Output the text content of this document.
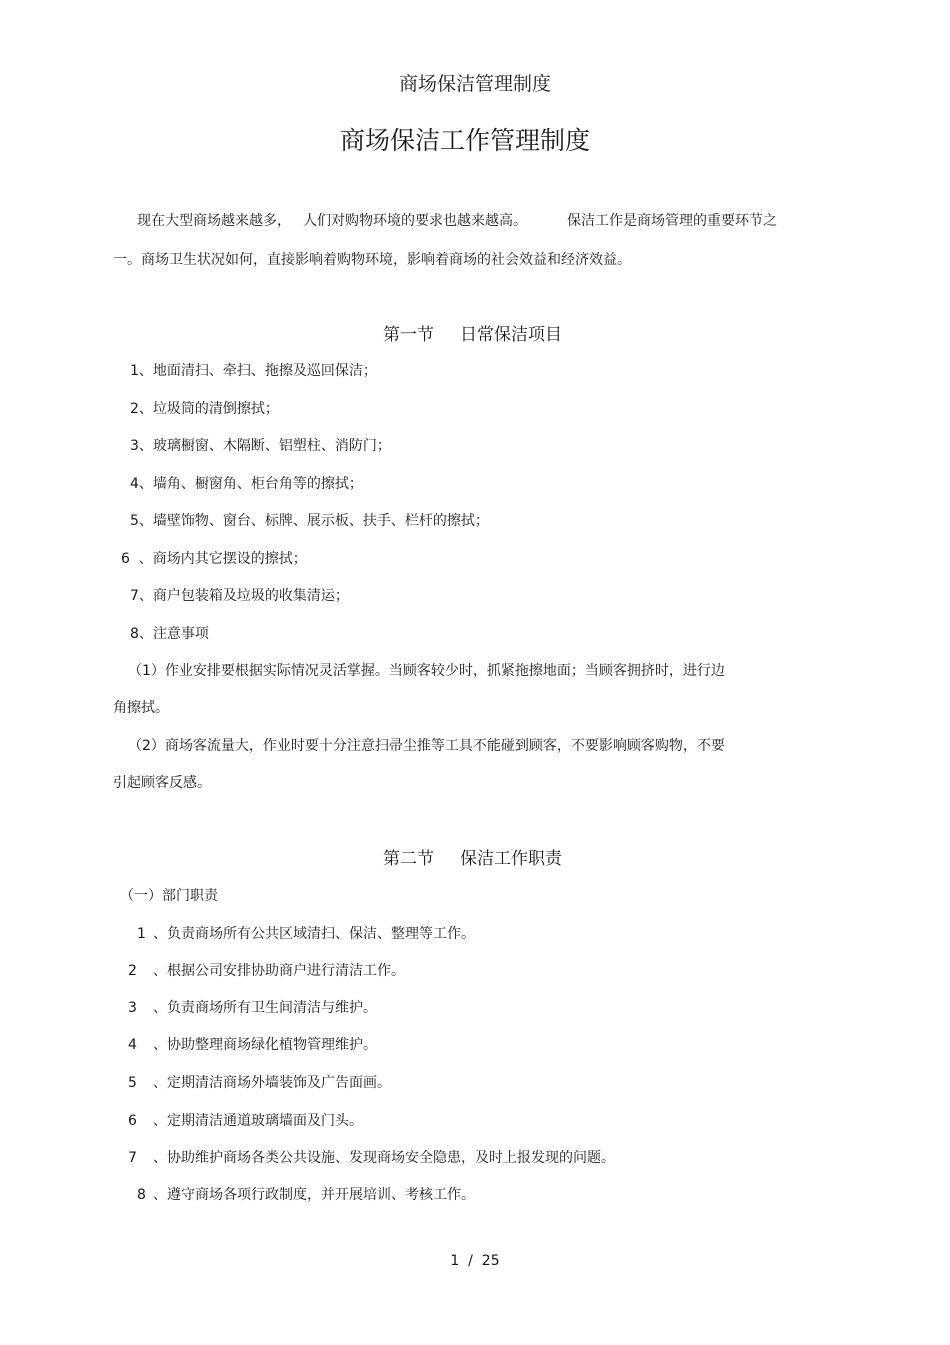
商场保洁管理制度
商场保洁工作管理制度
现在大型商场越来越多， 人们对购物环境的要求也越来越高。	保洁工作是商场管理的重要环节之
一。商场卫生状况如何，直接影响着购物环境，影响着商场的社会效益和经济效益。
第一节 日常保洁项目
1、地面清扫、牵扫、拖擦及巡回保洁；
2、垃圾筒的清倒擦拭；
3、玻璃橱窗、木隔断、铝塑柱、消防门；
4、墙角、橱窗角、柜台角等的擦拭；
5、墙壁饰物、窗台、标牌、展示板、扶手、栏杆的擦拭；
6  、商场内其它摆设的擦拭；
7、商户包装箱及垃圾的收集清运；
8、注意事项
（1）作业安排要根据实际情况灵活掌握。当顾客较少时，抓紧拖擦地面；当顾客拥挤时，进行边
角擦拭。
（2）商场客流量大，作业时要十分注意扫帚尘推等工具不能碰到顾客，不要影响顾客购物，不要
引起顾客反感。
第二节 保洁工作职责
（一）部门职责
1 、负责商场所有公共区域清扫、保洁、整理等工作。
2 、根据公司安排协助商户进行清洁工作。
3 、负责商场所有卫生间清洁与维护。
4 、协助整理商场绿化植物管理维护。
5 、定期清洁商场外墙装饰及广告面画。
6 、定期清洁通道玻璃墙面及门头。
7 、协助维护商场各类公共设施、发现商场安全隐患，及时上报发现的问题。
8 、遵守商场各项行政制度，并开展培训、考核工作。
1  /  25
